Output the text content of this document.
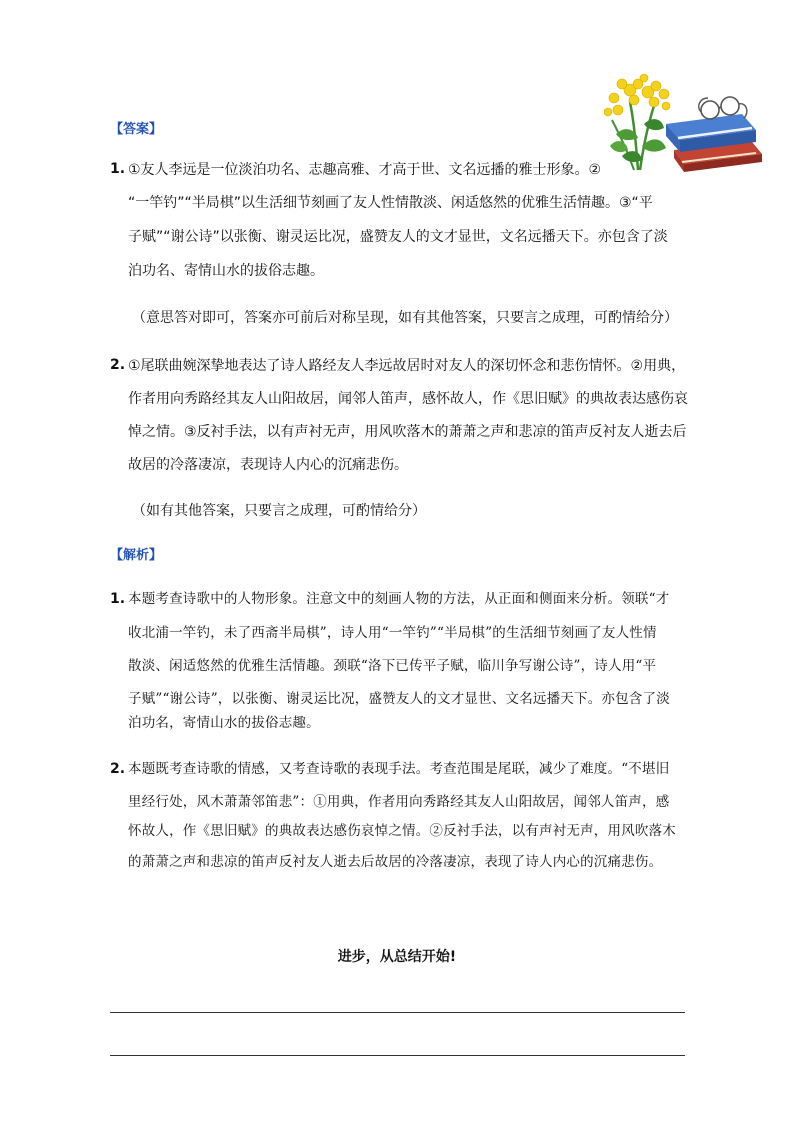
【答案】
1. ①友人李远是一位淡泊功名、志趣高雅、才高于世、文名远播的雅士形象。②
“一竿钓”“半局棋”以生活细节刻画了友人性情散淡、闲适悠然的优雅生活情趣。③“平
子赋”“谢公诗”以张衡、谢灵运比况，盛赞友人的文才显世，文名远播天下。亦包含了淡
泊功名、寄情山水的拔俗志趣。
（意思答对即可，答案亦可前后对称呈现，如有其他答案，只要言之成理，可酌情给分）
2. ①尾联曲婉深挚地表达了诗人路经友人李远故居时对友人的深切怀念和悲伤情怀。②用典，
作者用向秀路经其友人山阳故居，闻邻人笛声，感怀故人，作《思旧赋》的典故表达感伤哀
悼之情。③反衬手法，以有声衬无声，用风吹落木的萧萧之声和悲凉的笛声反衬友人逝去后
故居的冷落凄凉，表现诗人内心的沉痛悲伤。
（如有其他答案，只要言之成理，可酌情给分）
【解析】
1. 本题考查诗歌中的人物形象。注意文中的刻画人物的方法，从正面和侧面来分析。领联“才
收北浦一竿钓，未了西斋半局棋”，诗人用“一竿钓”“半局棋”的生活细节刻画了友人性情
散淡、闲适悠然的优雅生活情趣。颈联“洛下已传平子赋，临川争写谢公诗”，诗人用“平
子赋”“谢公诗”，以张衡、谢灵运比况，盛赞友人的文才显世、文名远播天下。亦包含了淡
泊功名，寄情山水的拔俗志趣。
2. 本题既考查诗歌的情感，又考查诗歌的表现手法。考查范围是尾联，减少了难度。“不堪旧
里经行处，风木萧萧邻笛悲”：①用典，作者用向秀路经其友人山阳故居，闻邻人笛声，感
怀故人，作《思旧赋》的典故表达感伤哀悼之情。②反衬手法，以有声衬无声，用风吹落木
的萧萧之声和悲凉的笛声反衬友人逝去后故居的冷落凄凉，表现了诗人内心的沉痛悲伤。
进步，从总结开始!
